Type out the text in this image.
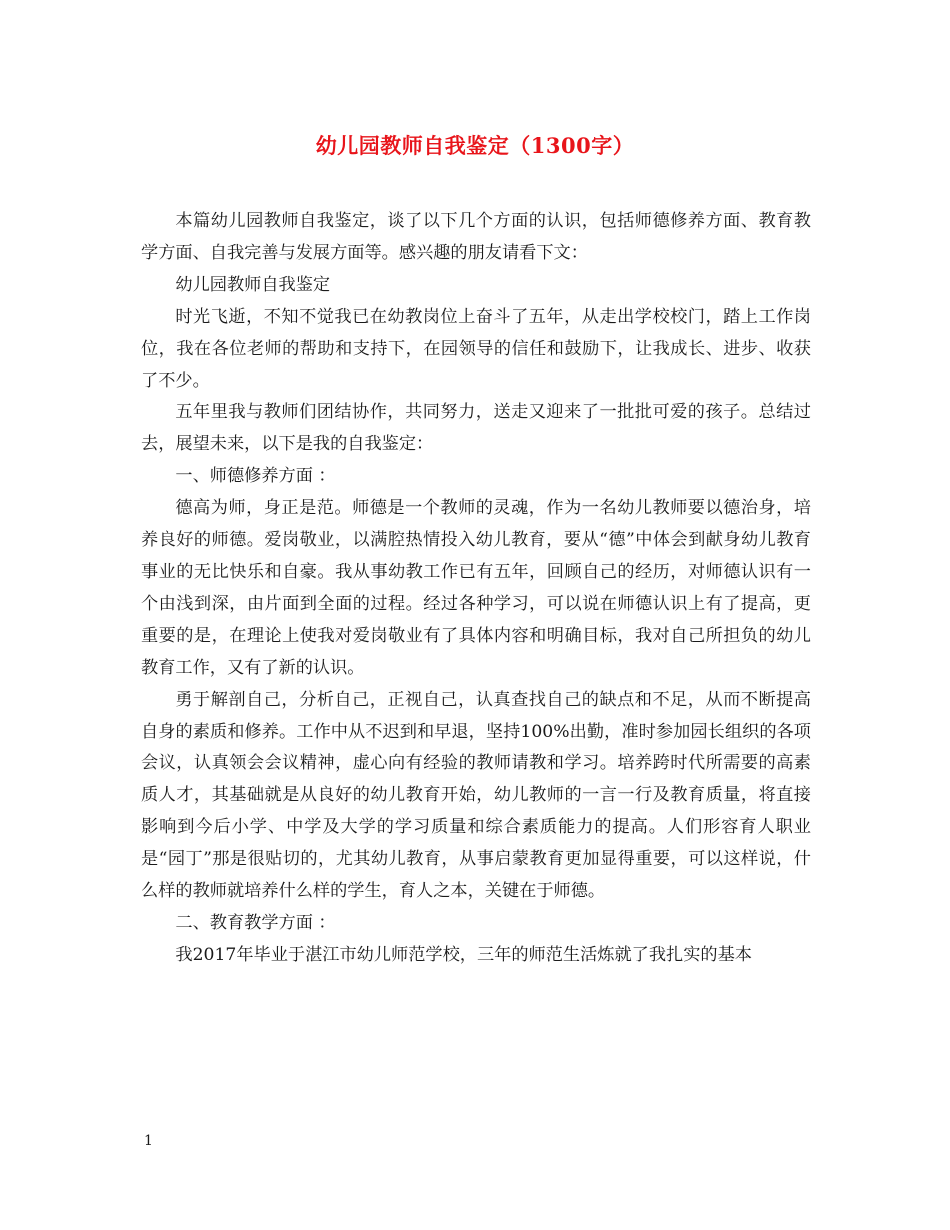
幼儿园教师自我鉴定（1300字）

本篇幼儿园教师自我鉴定，谈了以下几个方面的认识，包括师德修养方面、教育教学方面、自我完善与发展方面等。感兴趣的朋友请看下文：

幼儿园教师自我鉴定

时光飞逝，不知不觉我已在幼教岗位上奋斗了五年，从走出学校校门，踏上工作岗位，我在各位老师的帮助和支持下，在园领导的信任和鼓励下，让我成长、进步、收获了不少。

五年里我与教师们团结协作，共同努力，送走又迎来了一批批可爱的孩子。总结过去，展望未来，以下是我的自我鉴定：

一、师德修养方面 ：

德高为师，身正是范。师德是一个教师的灵魂，作为一名幼儿教师要以德治身，培养良好的师德。爱岗敬业，以满腔热情投入幼儿教育，要从“德”中体会到献身幼儿教育事业的无比快乐和自豪。我从事幼教工作已有五年，回顾自己的经历，对师德认识有一个由浅到深，由片面到全面的过程。经过各种学习，可以说在师德认识上有了提高，更重要的是，在理论上使我对爱岗敬业有了具体内容和明确目标，我对自己所担负的幼儿教育工作，又有了新的认识。

勇于解剖自己，分析自己，正视自己，认真查找自己的缺点和不足，从而不断提高自身的素质和修养。工作中从不迟到和早退，坚持100%出勤，准时参加园长组织的各项会议，认真领会会议精神，虚心向有经验的教师请教和学习。培养跨时代所需要的高素质人才，其基础就是从良好的幼儿教育开始，幼儿教师的一言一行及教育质量，将直接影响到今后小学、中学及大学的学习质量和综合素质能力的提高。人们形容育人职业是“园丁”那是很贴切的，尤其幼儿教育，从事启蒙教育更加显得重要，可以这样说，什么样的教师就培养什么样的学生，育人之本，关键在于师德。

二、教育教学方面 ：

我2017年毕业于湛江市幼儿师范学校，三年的师范生活炼就了我扎实的基本

1
